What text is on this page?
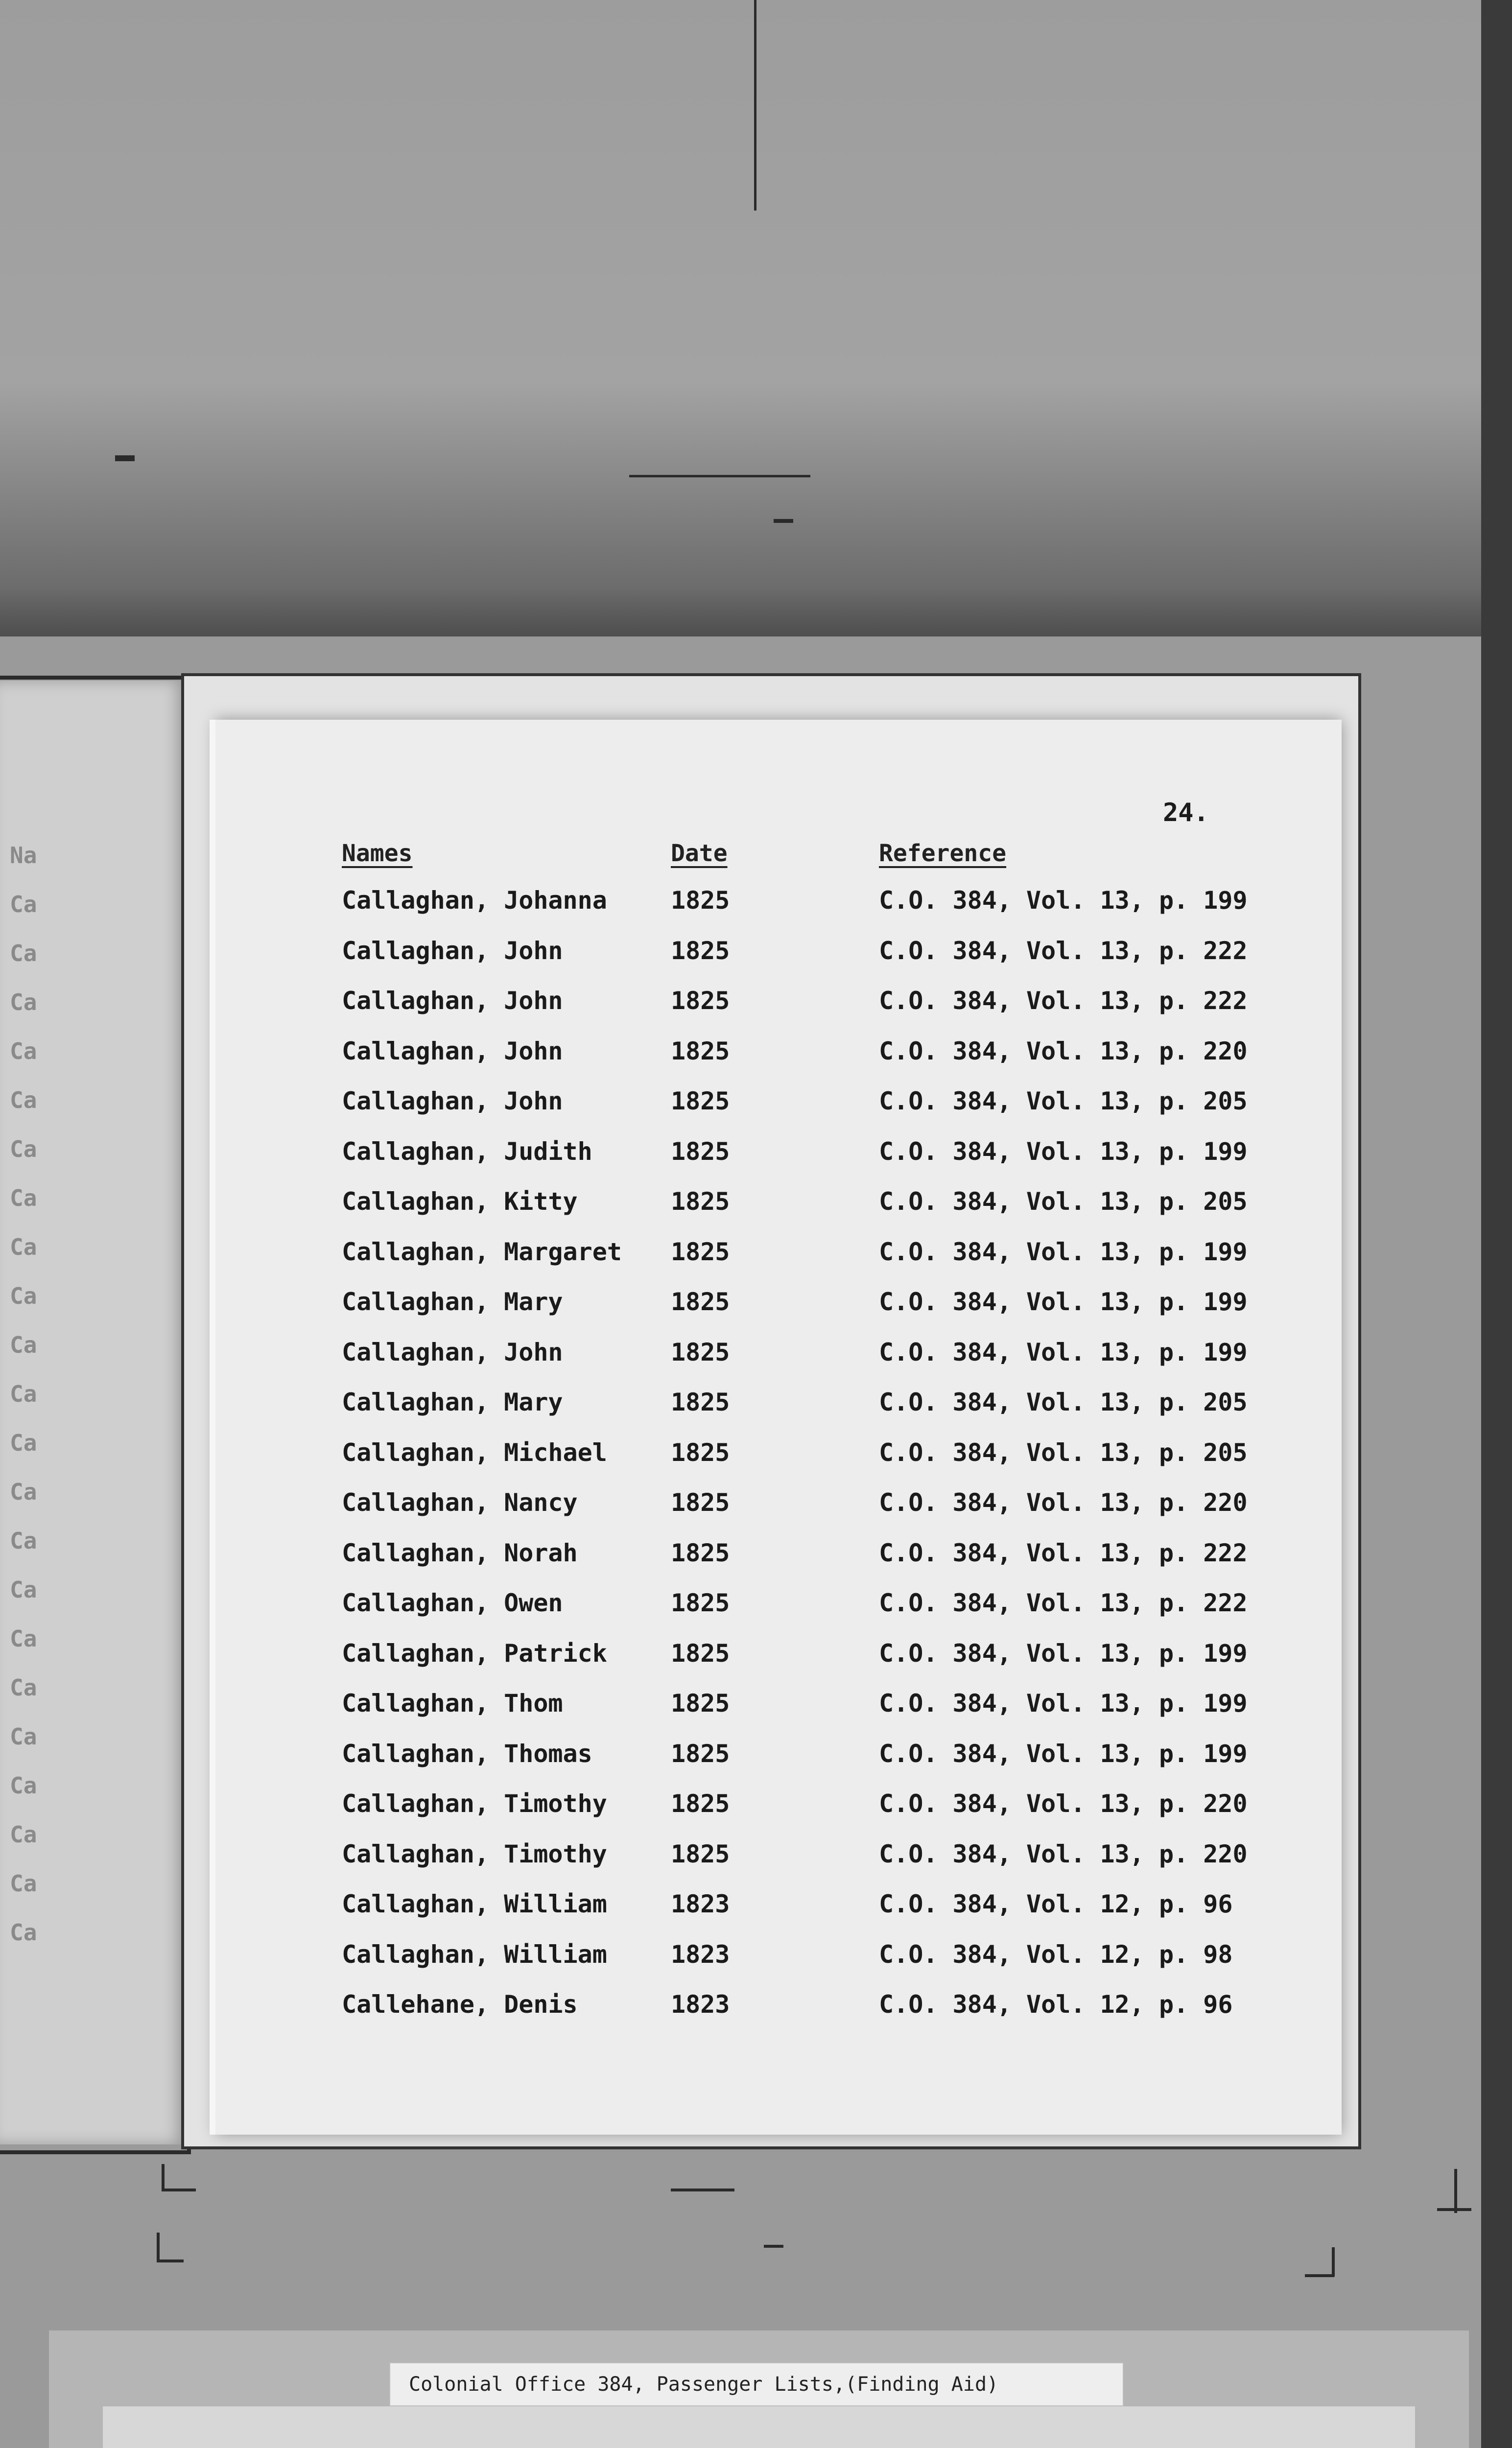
Na
Ca
Ca
Ca
Ca
Ca
Ca
Ca
Ca
Ca
Ca
Ca
Ca
Ca
Ca
Ca
Ca
Ca
Ca
Ca
Ca
Ca
Ca
24.
Names	Date	Reference
Callaghan, Johanna	1825	C.O. 384, Vol. 13, p. 199
Callaghan, John	1825	C.O. 384, Vol. 13, p. 222
Callaghan, John	1825	C.O. 384, Vol. 13, p. 222
Callaghan, John	1825	C.O. 384, Vol. 13, p. 220
Callaghan, John	1825	C.O. 384, Vol. 13, p. 205
Callaghan, Judith	1825	C.O. 384, Vol. 13, p. 199
Callaghan, Kitty	1825	C.O. 384, Vol. 13, p. 205
Callaghan, Margaret 1825	C.O. 384, Vol. 13, p. 199
Callaghan, Mary	1825	C.O. 384, Vol. 13, p. 199
Callaghan, John	1825	C.O. 384, Vol. 13, p. 199
Callaghan, Mary	1825	C.O. 384, Vol. 13, p. 205
Callaghan, Michael	1825	C.O. 384, Vol. 13, p. 205
Callaghan, Nancy	1825	C.O. 384, Vol. 13, p. 220
Callaghan, Norah	1825	C.O. 384, Vol. 13, p. 222
Callaghan, Owen	1825	C.O. 384, Vol. 13, p. 222
Callaghan, Patrick	1825	C.O. 384, Vol. 13, p. 199
Callaghan, Thom	1825	C.O. 384, Vol. 13, p. 199
Callaghan, Thomas	1825	C.O. 384, Vol. 13, p. 199
Callaghan, Timothy	1825	C.O. 384, Vol. 13, p. 220
Callaghan, Timothy	1825	C.O. 384, Vol. 13, p. 220
Callaghan, William	1823	C.O. 384, Vol. 12, p. 96
Callaghan, William	1823	C.O. 384, Vol. 12, p. 98
Callehane, Denis	1823	C.O. 384, Vol. 12, p. 96
Colonial Office 384, Passenger Lists,(Finding Aid)
